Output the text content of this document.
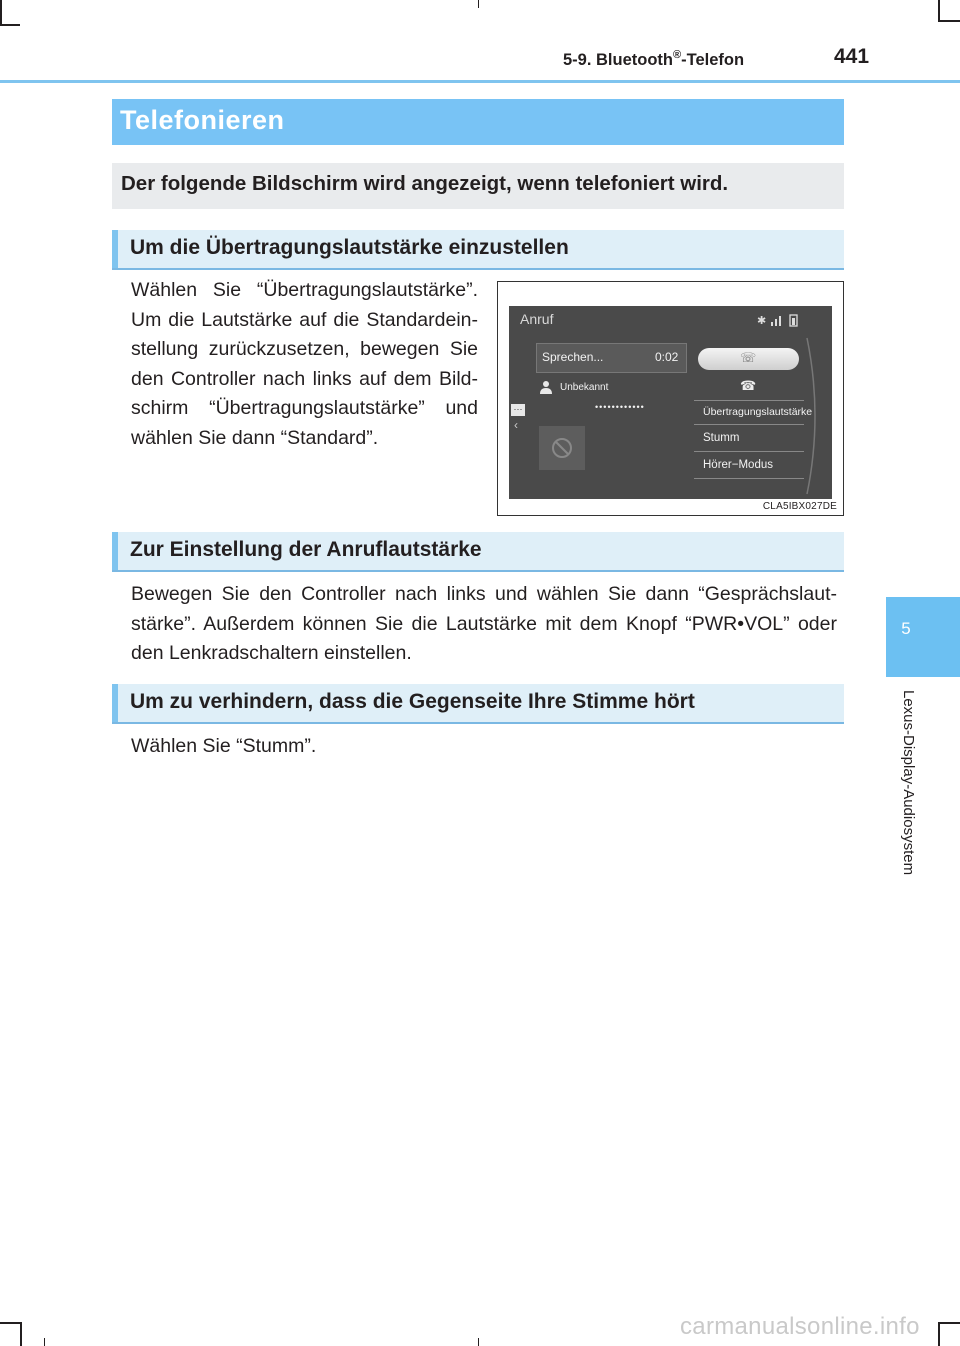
5-9. Bluetooth®-Telefon	441
5
Lexus-Display-Audiosystem
Telefonieren
Der folgende Bildschirm wird angezeigt, wenn telefoniert wird.
Um die Übertragungslautstärke einzustellen
Wählen Sie “Übertragungslautstärke”. Um die Lautstärke auf die Standardein-stellung zurückzusetzen, bewegen Sie den Controller nach links auf dem Bild-schirm “Übertragungslautstärke” und wählen Sie dann “Standard”.
Anruf	✱
Sprechen...	0:02
Unbekannt
••••••••••••
···
‹
☏
☎
Übertragungslautstärke
Stumm
Hörer−Modus
CLA5IBX027DE
Zur Einstellung der Anruflautstärke
Bewegen Sie den Controller nach links und wählen Sie dann “Gesprächslaut-stärke”. Außerdem können Sie die Lautstärke mit dem Knopf “PWR•VOL” oder den Lenkradschaltern einstellen.
Um zu verhindern, dass die Gegenseite Ihre Stimme hört
Wählen Sie “Stumm”.
carmanualsonline.info
